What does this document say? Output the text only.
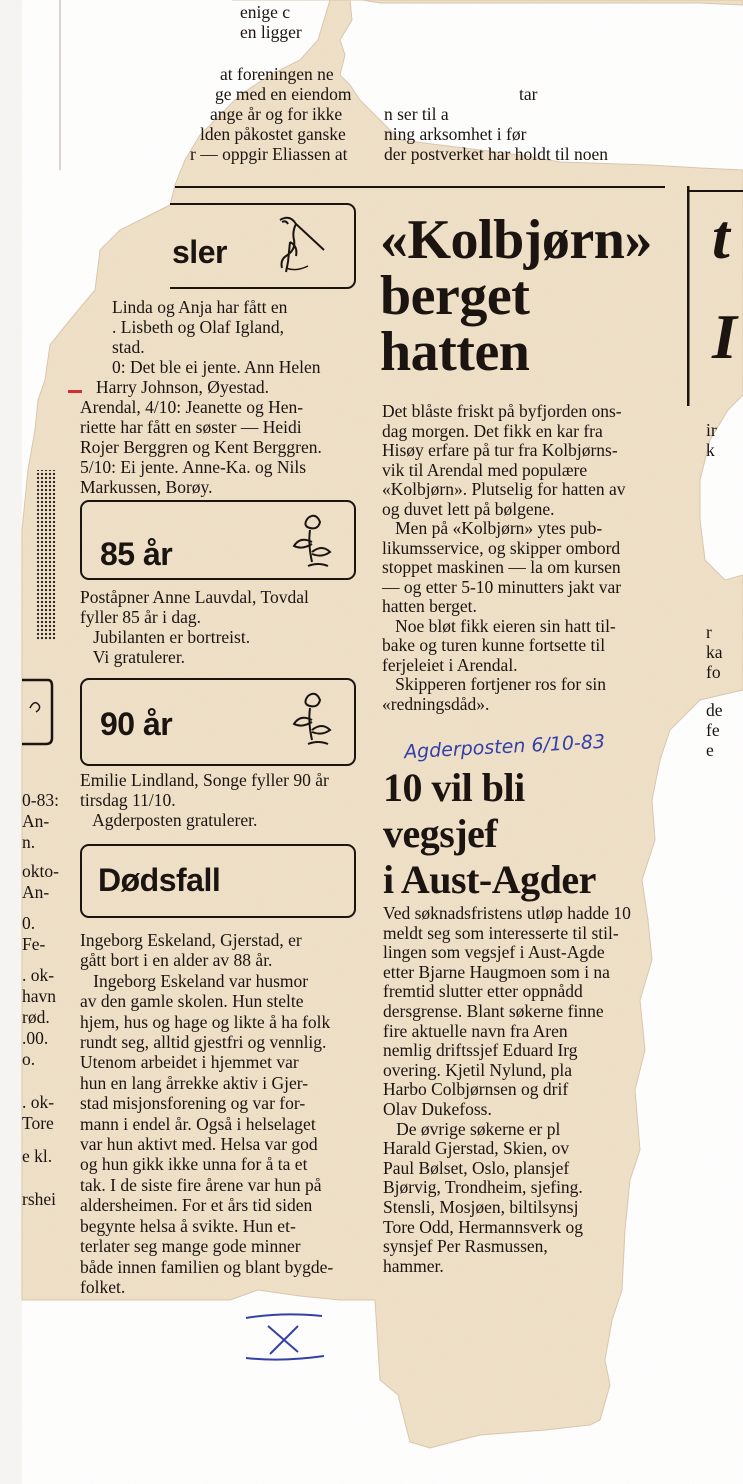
enige c

en ligger

at foreningen ne

ge med en eiendom

ange år og for ikke

lden påkostet ganske

r — oppgir Eliassen at

tar

n ser til a

ning arksomhet i før

der postverket har holdt til noen

sler

Linda og Anja har fått en

. Lisbeth og Olaf Igland,

stad.

0: Det ble ei jente. Ann Helen

Harry Johnson, Øyestad.

Arendal, 4/10: Jeanette og Hen-

riette har fått en søster — Heidi

Rojer Berggren og Kent Berggren.

5/10: Ei jente. Anne-Ka. og Nils

Markussen, Borøy.

85 år

Poståpner Anne Lauvdal, Tovdal

fyller 85 år i dag.

Jubilanten er bortreist.

Vi gratulerer.

90 år

Emilie Lindland, Songe fyller 90 år

tirsdag 11/10.

Agderposten gratulerer.

Dødsfall

Ingeborg Eskeland, Gjerstad, er

gått bort i en alder av 88 år.

Ingeborg Eskeland var husmor

av den gamle skolen. Hun stelte

hjem, hus og hage og likte å ha folk

rundt seg, alltid gjestfri og vennlig.

Utenom arbeidet i hjemmet var

hun en lang årrekke aktiv i Gjer-

stad misjonsforening og var for-

mann i endel år. Også i helselaget

var hun aktivt med. Helsa var god

og hun gikk ikke unna for å ta et

tak. I de siste fire årene var hun på

aldersheimen. For et års tid siden

begynte helsa å svikte. Hun et-

terlater seg mange gode minner

både innen familien og blant bygde-

folket.

0-83:

An-

n.

okto-

An-

0.

Fe-

. ok-

havn

rød.

.00.

o.

. ok-

Tore

e kl.

rshei

«Kolbjørn»
berget
hatten

Det blåste friskt på byfjorden ons-

dag morgen. Det fikk en kar fra

Hisøy erfare på tur fra Kolbjørns-

vik til Arendal med populære

«Kolbjørn». Plutselig for hatten av

og duvet lett på bølgene.

Men på «Kolbjørn» ytes pub-

likumsservice, og skipper ombord

stoppet maskinen — la om kursen

— og etter 5-10 minutters jakt var

hatten berget.

Noe bløt fikk eieren sin hatt til-

bake og turen kunne fortsette til

ferjeleiet i Arendal.

Skipperen fortjener ros for sin

«redningsdåd».

Agderposten 6/10-83
10 vil bli
vegsjef
i Aust-Agder

Ved søknadsfristens utløp hadde 10

meldt seg som interesserte til stil-

lingen som vegsjef i Aust-Agde

etter Bjarne Haugmoen som i na

fremtid slutter etter oppnådd

dersgrense. Blant søkerne finne

fire aktuelle navn fra Aren

nemlig driftssjef Eduard Irg

overing. Kjetil Nylund, pla

Harbo Colbjørnsen og drif

Olav Dukefoss.

De øvrige søkerne er pl

Harald Gjerstad, Skien, ov

Paul Bølset, Oslo, plansjef

Bjørvig, Trondheim, sjefing.

Stensli, Mosjøen, biltilsynsj

Tore Odd, Hermannsverk og

synsjef Per Rasmussen,

hammer.

t
I

ir

k

r

ka

fo

de

fe

e
